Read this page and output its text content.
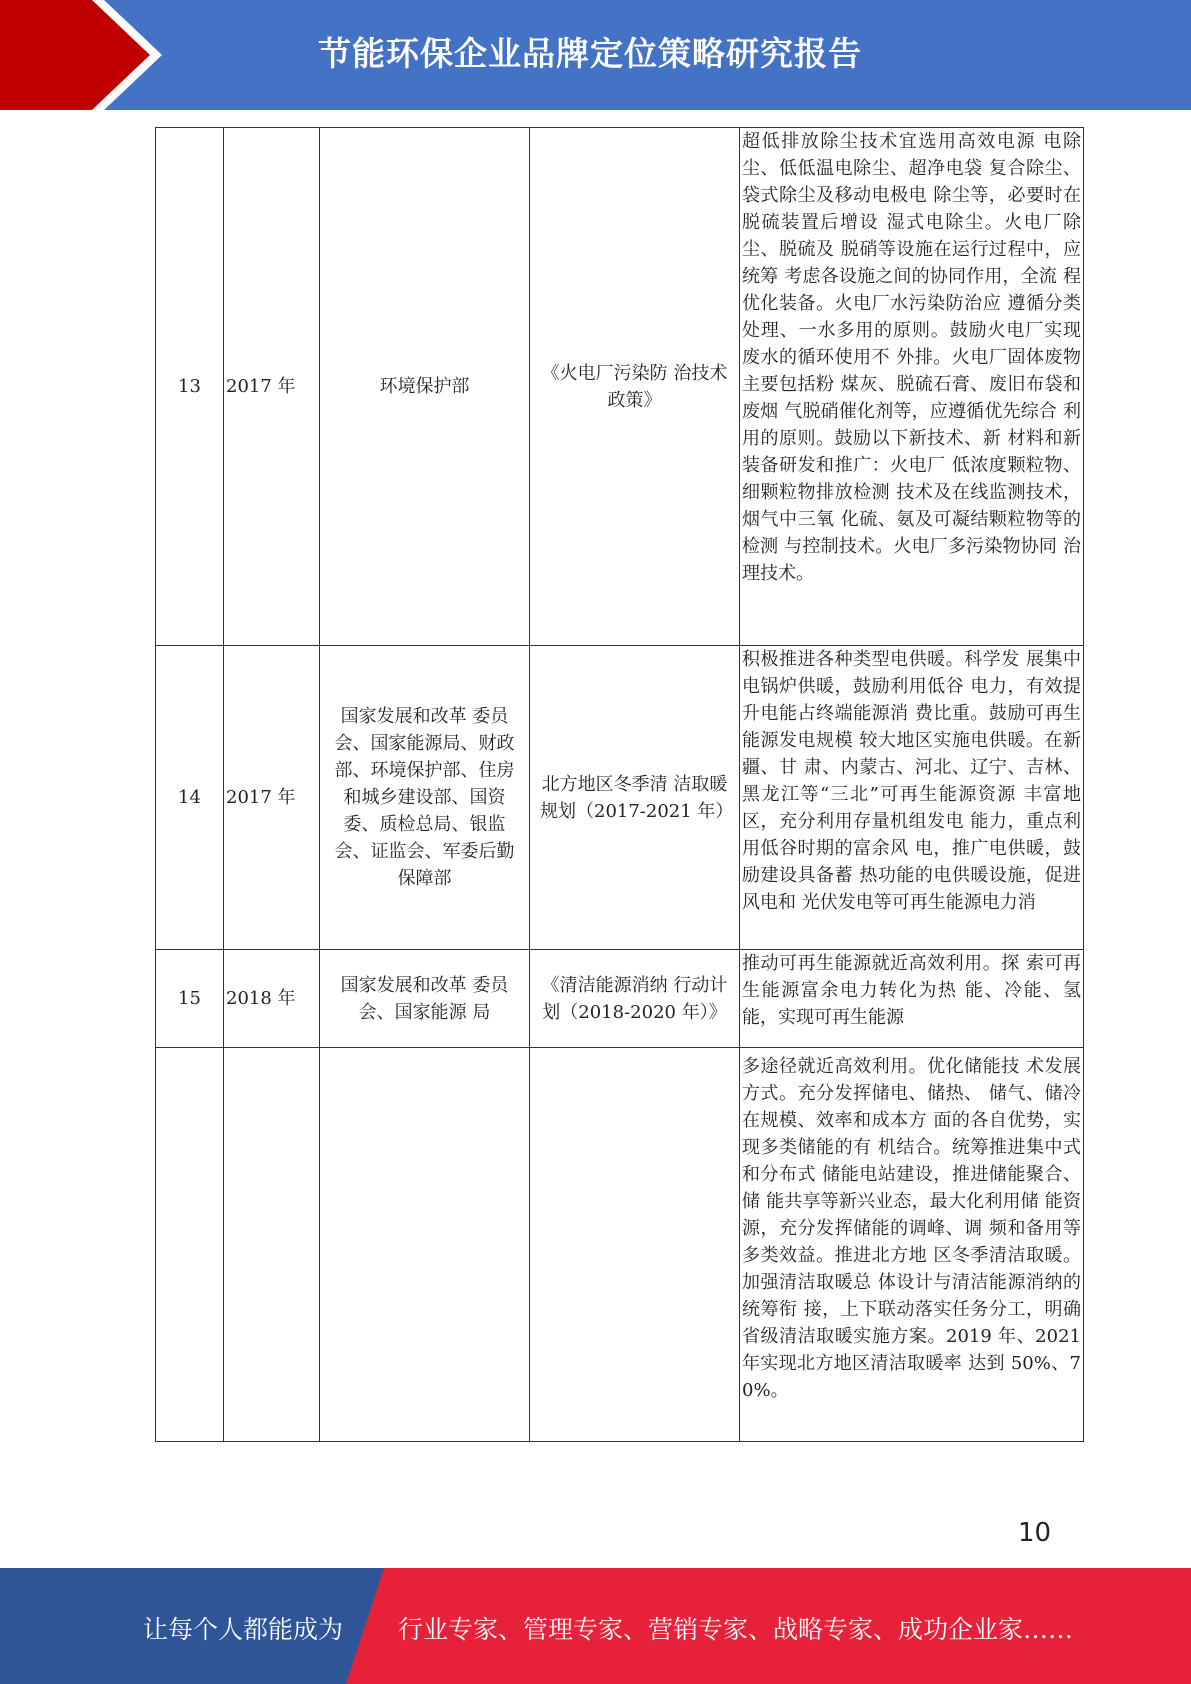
节能环保企业品牌定位策略研究报告
13	2017 年	环境保护部	《火电厂污染防 治技术政策》	超低排放除尘技术宜选用高效电源 电除尘、低低温电除尘、超净电袋 复合除尘、袋式除尘及移动电极电 除尘等，必要时在脱硫装置后增设 湿式电除尘。火电厂除尘、脱硫及 脱硝等设施在运行过程中，应统筹 考虑各设施之间的协同作用，全流 程优化装备。火电厂水污染防治应 遵循分类处理、一水多用的原则。鼓励火电厂实现废水的循环使用不 外排。火电厂固体废物主要包括粉 煤灰、脱硫石膏、废旧布袋和废烟 气脱硝催化剂等，应遵循优先综合 利用的原则。鼓励以下新技术、新 材料和新装备研发和推广：火电厂 低浓度颗粒物、细颗粒物排放检测 技术及在线监测技术，烟气中三氧 化硫、氨及可凝结颗粒物等的检测 与控制技术。火电厂多污染物协同 治理技术。
14	2017 年	国家发展和改革 委员会、国家能源局、财政部、环境保护部、住房和城乡建设部、国资委、质检总局、银监会、证监会、军委后勤保障部	北方地区冬季清 洁取暖规划（2017-2021 年）	积极推进各种类型电供暖。科学发 展集中电锅炉供暖，鼓励利用低谷 电力，有效提升电能占终端能源消 费比重。鼓励可再生能源发电规模 较大地区实施电供暖。在新疆、甘 肃、内蒙古、河北、辽宁、吉林、 黑龙江等“三北”可再生能源资源 丰富地区，充分利用存量机组发电 能力，重点利用低谷时期的富余风 电，推广电供暖，鼓励建设具备蓄 热功能的电供暖设施，促进风电和 光伏发电等可再生能源电力消
15	2018 年	国家发展和改革 委员会、国家能源 局	《清洁能源消纳 行动计划（2018-2020 年）》	推动可再生能源就近高效利用。探 索可再生能源富余电力转化为热 能、冷能、氢能，实现可再生能源
				多途径就近高效利用。优化储能技 术发展方式。充分发挥储电、储热、 储气、储冷在规模、效率和成本方 面的各自优势，实现多类储能的有 机结合。统筹推进集中式和分布式 储能电站建设，推进储能聚合、储 能共享等新兴业态，最大化利用储 能资源，充分发挥储能的调峰、调 频和备用等多类效益。推进北方地 区冬季清洁取暖。加强清洁取暖总 体设计与清洁能源消纳的统筹衔 接，上下联动落实任务分工，明确 省级清洁取暖实施方案。2019 年、2021 年实现北方地区清洁取暖率 达到 50%、70%。
10
让每个人都能成为 行业专家、管理专家、营销专家、战略专家、成功企业家……
